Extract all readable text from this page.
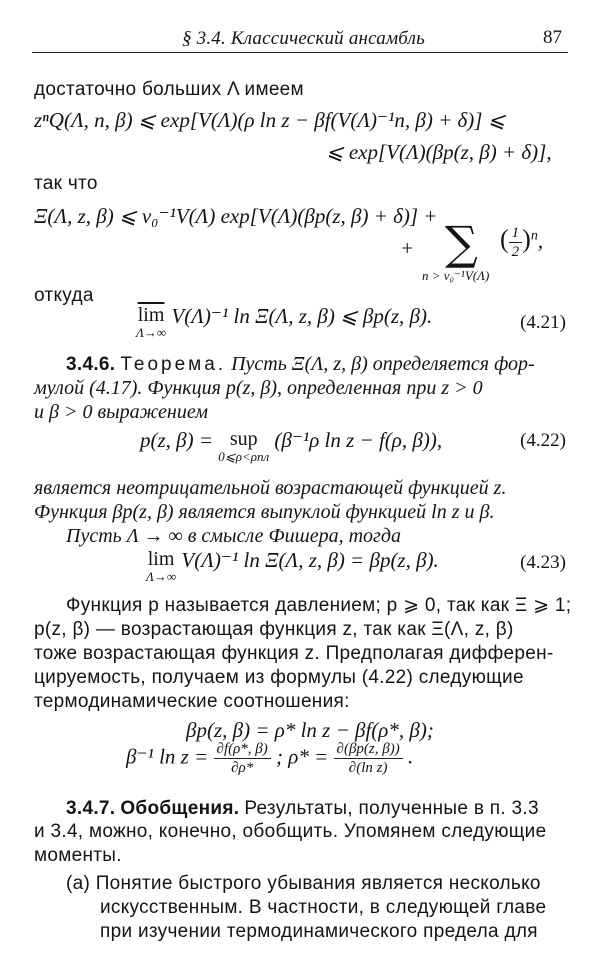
§ 3.4. Классический ансамбль	87
достаточно больших Λ имеем
zⁿQ(Λ, n, β) ⩽ exp[V(Λ)(ρ ln z − βf(V(Λ)⁻¹n, β) + δ)] ⩽
⩽ exp[V(Λ)(βp(z, β) + δ)],
так что
Ξ(Λ, z, β) ⩽ v₀⁻¹V(Λ) exp[V(Λ)(βp(z, β) + δ)] +
+ ∑
n > v₀⁻¹V(Λ)
( $\frac{1}{2} )^n$,
откуда
$\overline{lim}$
Λ→∞
V(Λ)⁻¹ ln Ξ(Λ, z, β) ⩽ βp(z, β).	(4.21)
3.4.6. Теорема. Пусть Ξ(Λ, z, β) определяется фор-
мулой (4.17). Функция p(z, β), определенная при z > 0
и β > 0 выражением
p(z, β) = sup
0⩽ρ<ρпл
(β⁻¹ρ ln z − f(ρ, β)),	(4.22)
является неотрицательной возрастающей функцией z.
Функция βp(z, β) является выпуклой функцией ln z и β.
Пусть Λ → ∞ в смысле Фишера, тогда
lim
Λ→∞
V(Λ)⁻¹ ln Ξ(Λ, z, β) = βp(z, β).	(4.23)
Функция p называется давлением; p ⩾ 0, так как Ξ ⩾ 1;
p(z, β) — возрастающая функция z, так как Ξ(Λ, z, β)
тоже возрастающая функция z. Предполагая дифферен-
цируемость, получаем из формулы (4.22) следующие
термодинамические соотношения:
βp(z, β) = ρ* ln z − βf(ρ*, β);
β⁻¹ $\ln z = \frac{\partial f(\rho*, \beta)}{\partial\rho*}$ ; $\rho* = \frac{\partial(\beta p(z, \beta))}{\text{∂(ln z)}}$ .
3.4.7. Обобщения. Результаты, полученные в п. 3.3
и 3.4, можно, конечно, обобщить. Упомянем следующие
моменты.
(a) Понятие быстрого убывания является несколько
искусственным. В частности, в следующей главе
при изучении термодинамического предела для
